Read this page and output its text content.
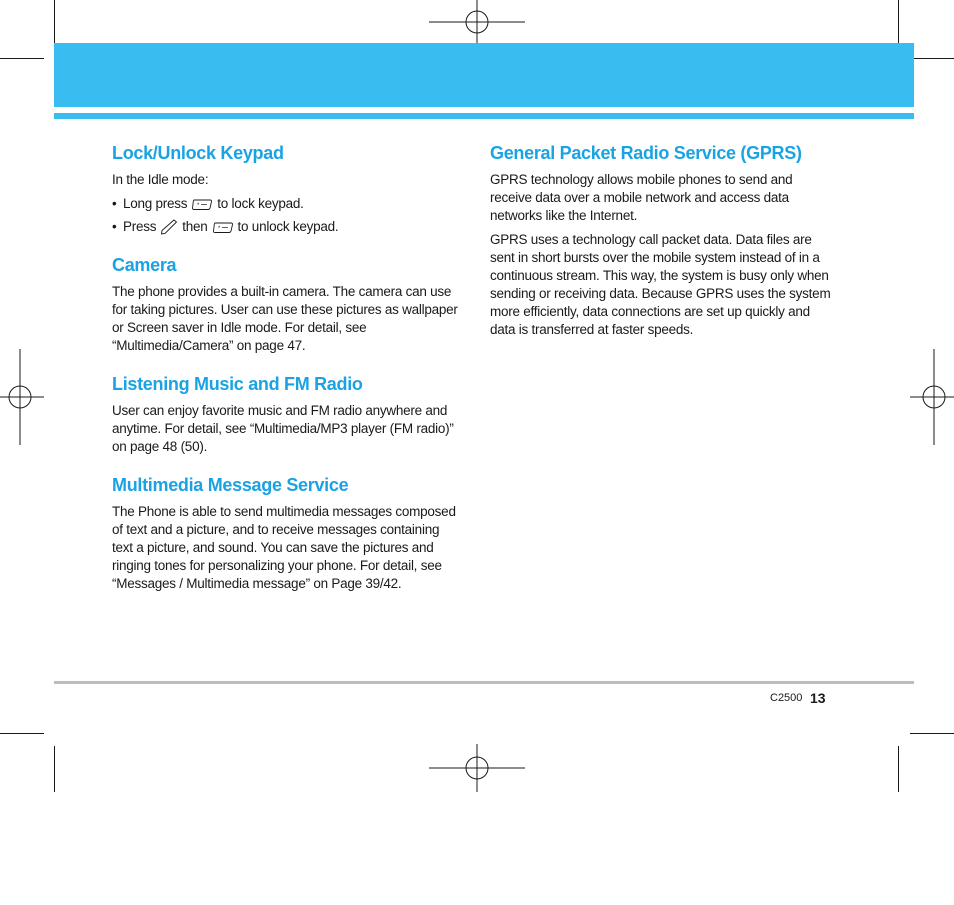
Lock/Unlock Keypad

In the Idle mode:

• Long press * to lock keypad.
• Press then * to unlock keypad.
Camera

The phone provides a built-in camera. The camera can use for taking pictures. User can use these pictures as wallpaper or Screen saver in Idle mode. For detail, see “Multimedia/Camera” on page 47.

Listening Music and FM Radio

User can enjoy favorite music and FM radio anywhere and anytime. For detail, see “Multimedia/MP3 player (FM radio)” on page 48 (50).

Multimedia Message Service

The Phone is able to send multimedia messages composed of text and a picture, and to receive messages containing text a picture, and sound. You can save the pictures and ringing tones for personalizing your phone. For detail, see “Messages / Multimedia message” on Page 39/42.

General Packet Radio Service (GPRS)

GPRS technology allows mobile phones to send and receive data over a mobile network and access data networks like the Internet.

GPRS uses a technology call packet data. Data files are sent in short bursts over the mobile system instead of in a continuous stream. This way, the system is busy only when sending or receiving data. Because GPRS uses the system more efficiently, data connections are set up quickly and data is transferred at faster speeds.

C2500 13
